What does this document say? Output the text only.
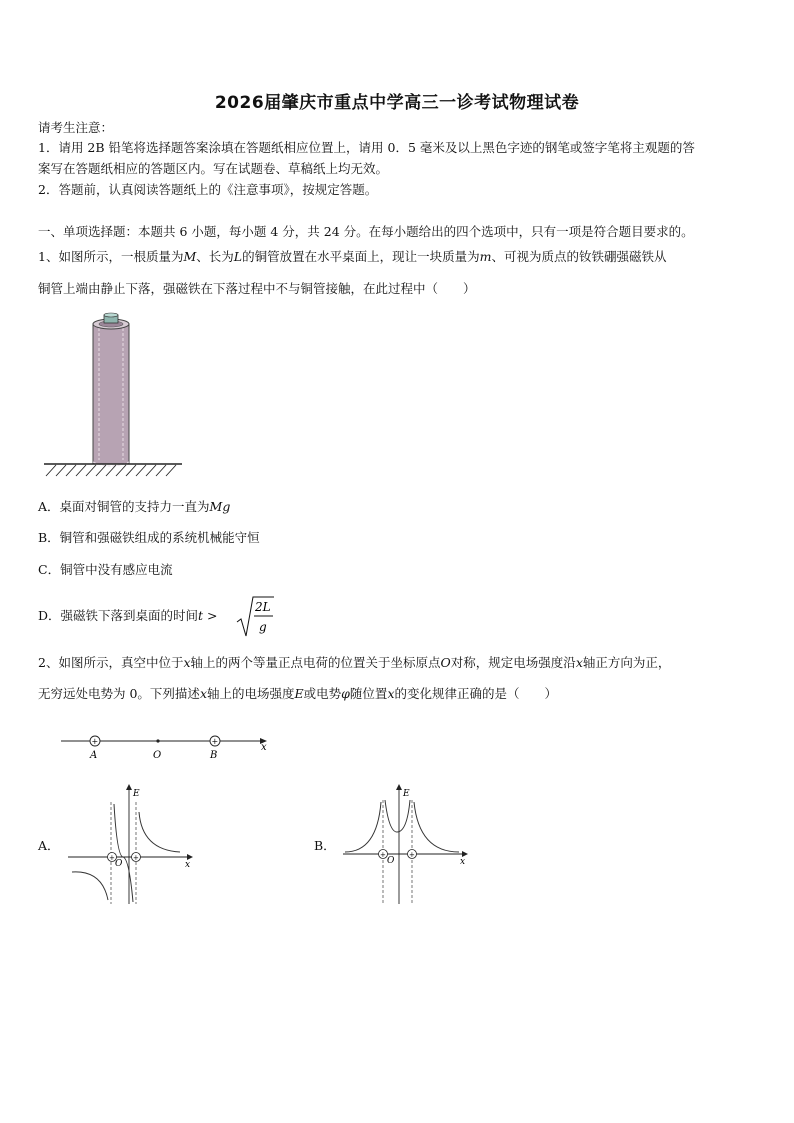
2026届肇庆市重点中学高三一诊考试物理试卷
请考生注意：
1．请用 2B 铅笔将选择题答案涂填在答题纸相应位置上，请用 0．5 毫米及以上黑色字迹的钢笔或签字笔将主观题的答
案写在答题纸相应的答题区内。写在试题卷、草稿纸上均无效。
2．答题前，认真阅读答题纸上的《注意事项》，按规定答题。
一、单项选择题：本题共 6 小题，每小题 4 分，共 24 分。在每小题给出的四个选项中，只有一项是符合题目要求的。
1、如图所示，一根质量为M、长为L的铜管放置在水平桌面上，现让一块质量为m、可视为质点的钕铁硼强磁铁从
铜管上端由静止下落，强磁铁在下落过程中不与铜管接触，在此过程中（　　）
A．桌面对铜管的支持力一直为Mg
B．铜管和强磁铁组成的系统机械能守恒
C．铜管中没有感应电流
D．强磁铁下落到桌面的时间t >
2L
g
2、如图所示，真空中位于x轴上的两个等量正点电荷的位置关于坐标原点O对称，规定电场强度沿x轴正方向为正，
无穷远处电势为 0。下列描述x轴上的电场强度E或电势φ随位置x的变化规律正确的是（　　）
+	+
A	O	B
x
A．
+	+
O
E
x
B．
+	+
O
E
x
